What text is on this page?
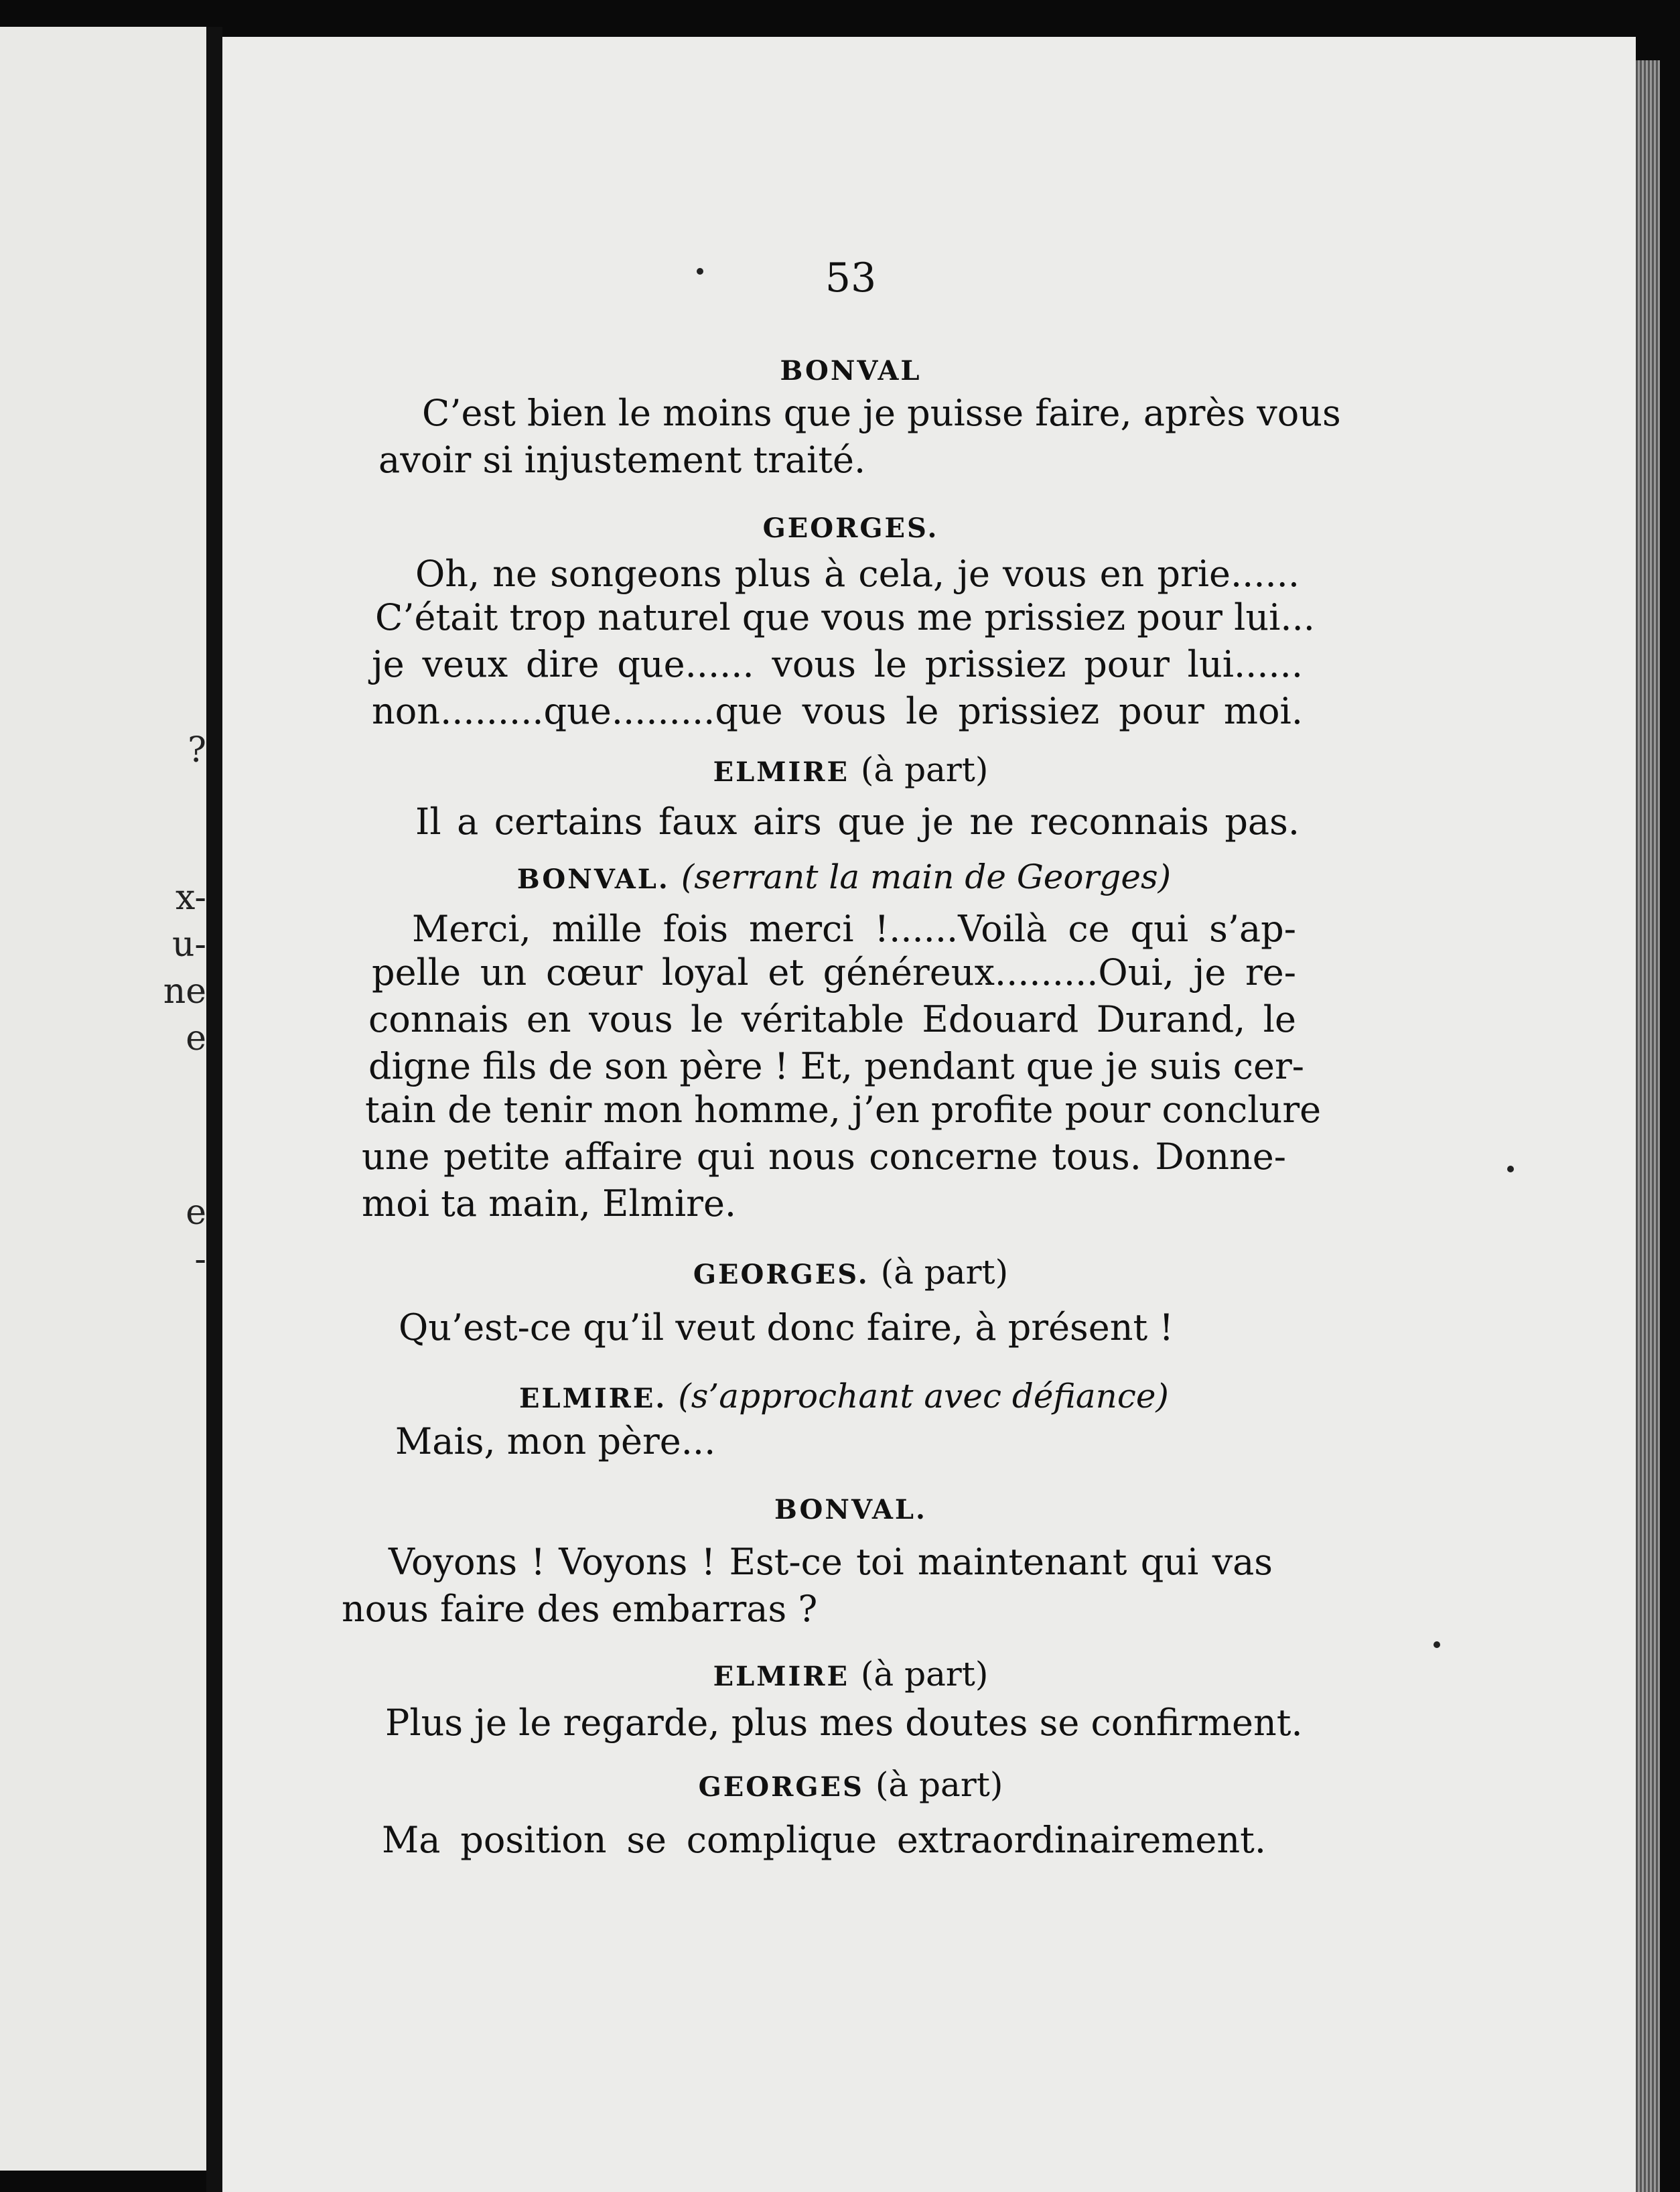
?
x-
u-
ne
e
e
-
53
BONVAL
C’est bien le moins que je puisse faire, après vous
avoir si injustement traité.
GEORGES.
Oh, ne songeons plus à cela, je vous en prie......
C’était trop naturel que vous me prissiez pour lui...
je veux dire que...... vous le prissiez pour lui......
non.........que.........que vous le prissiez pour moi.
ELMIRE (à part)
Il a certains faux airs que je ne reconnais pas.
BONVAL. (serrant la main de Georges)
Merci, mille fois merci !......Voilà ce qui s’ap-
pelle un cœur loyal et généreux.........Oui, je re-
connais en vous le véritable Edouard Durand, le
digne fils de son père ! Et, pendant que je suis cer-
tain de tenir mon homme, j’en profite pour conclure
une petite affaire qui nous concerne tous. Donne-
moi ta main, Elmire.
GEORGES. (à part)
Qu’est-ce qu’il veut donc faire, à présent !
ELMIRE. (s’approchant avec défiance)
Mais, mon père...
BONVAL.
Voyons ! Voyons ! Est-ce toi maintenant qui vas
nous faire des embarras ?
ELMIRE (à part)
Plus je le regarde, plus mes doutes se confirment.
GEORGES (à part)
Ma position se complique extraordinairement.
